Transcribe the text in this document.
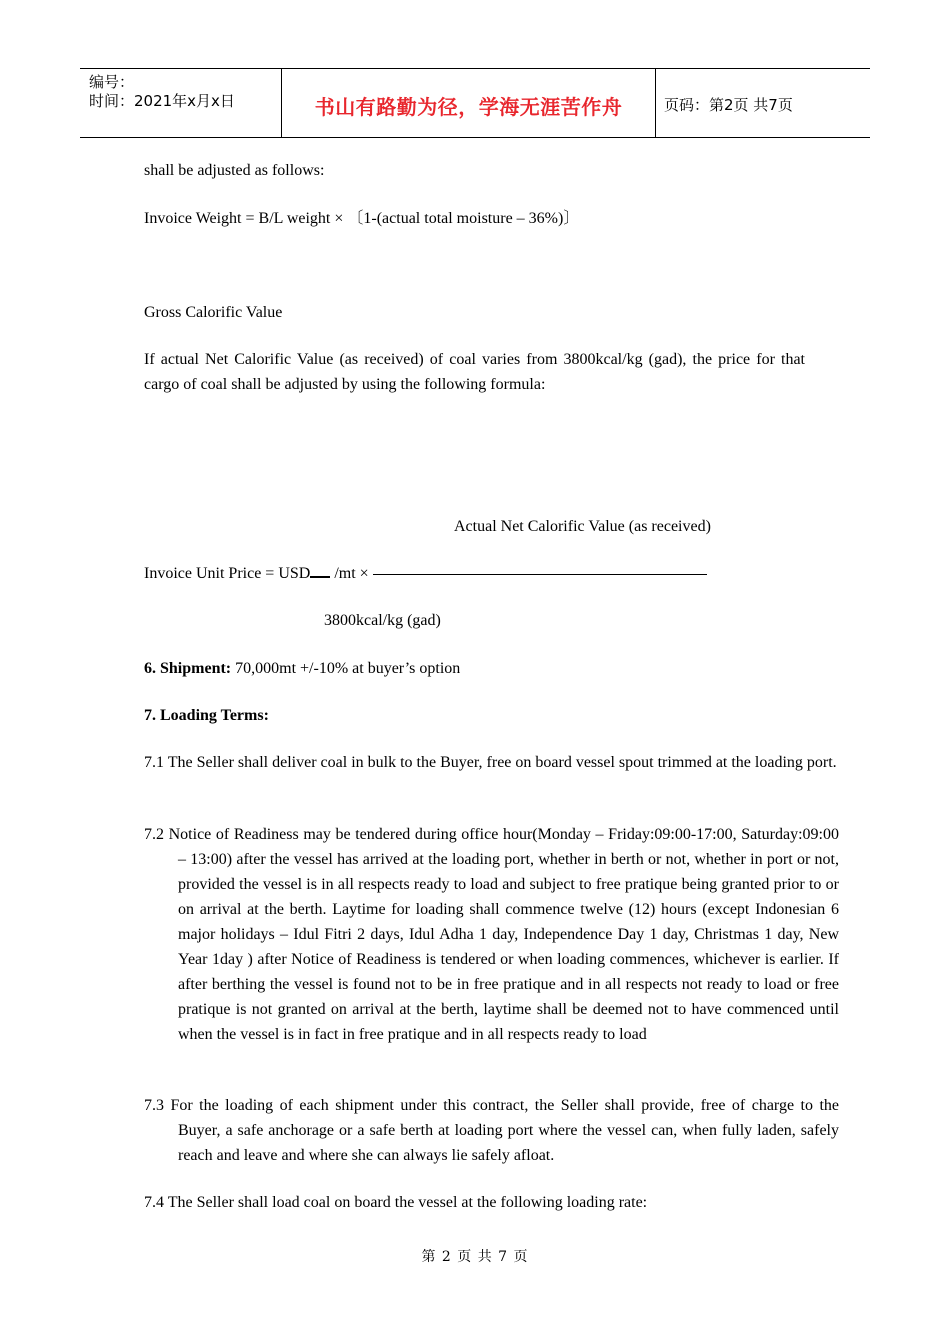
编号：
时间：2021年x月x日	书山有路勤为径，学海无涯苦作舟	页码：第2页 共7页

shall be adjusted as follows:

Invoice Weight = B/L weight × 〔1-(actual total moisture – 36%)〕

Gross Calorific Value

If actual Net Calorific Value (as received) of coal varies from 3800kcal/kg (gad), the price for that cargo of coal shall be adjusted by using the following formula:

Actual Net Calorific Value (as received)

Invoice Unit Price = USD /mt ×

3800kcal/kg (gad)

6. Shipment: 70,000mt +/-10% at buyer’s option

7. Loading Terms:

7.1 The Seller shall deliver coal in bulk to the Buyer, free on board vessel spout trimmed at the loading port.

7.2 Notice of Readiness may be tendered during office hour(Monday – Friday:09:00-17:00, Saturday:09:00 – 13:00) after the vessel has arrived at the loading port, whether in berth or not, whether in port or not, provided the vessel is in all respects ready to load and subject to free pratique being granted prior to or on arrival at the berth. Laytime for loading shall commence twelve (12) hours (except Indonesian 6 major holidays – Idul Fitri 2 days, Idul Adha 1 day, Independence Day 1 day, Christmas 1 day, New Year 1day ) after Notice of Readiness is tendered or when loading commences, whichever is earlier. If after berthing the vessel is found not to be in free pratique and in all respects not ready to load or free pratique is not granted on arrival at the berth, laytime shall be deemed not to have commenced until when the vessel is in fact in free pratique and in all respects ready to load

7.3 For the loading of each shipment under this contract, the Seller shall provide, free of charge to the Buyer, a safe anchorage or a safe berth at loading port where the vessel can, when fully laden, safely reach and leave and where she can always lie safely afloat.

7.4 The Seller shall load coal on board the vessel at the following loading rate:

第 2 页 共 7 页
